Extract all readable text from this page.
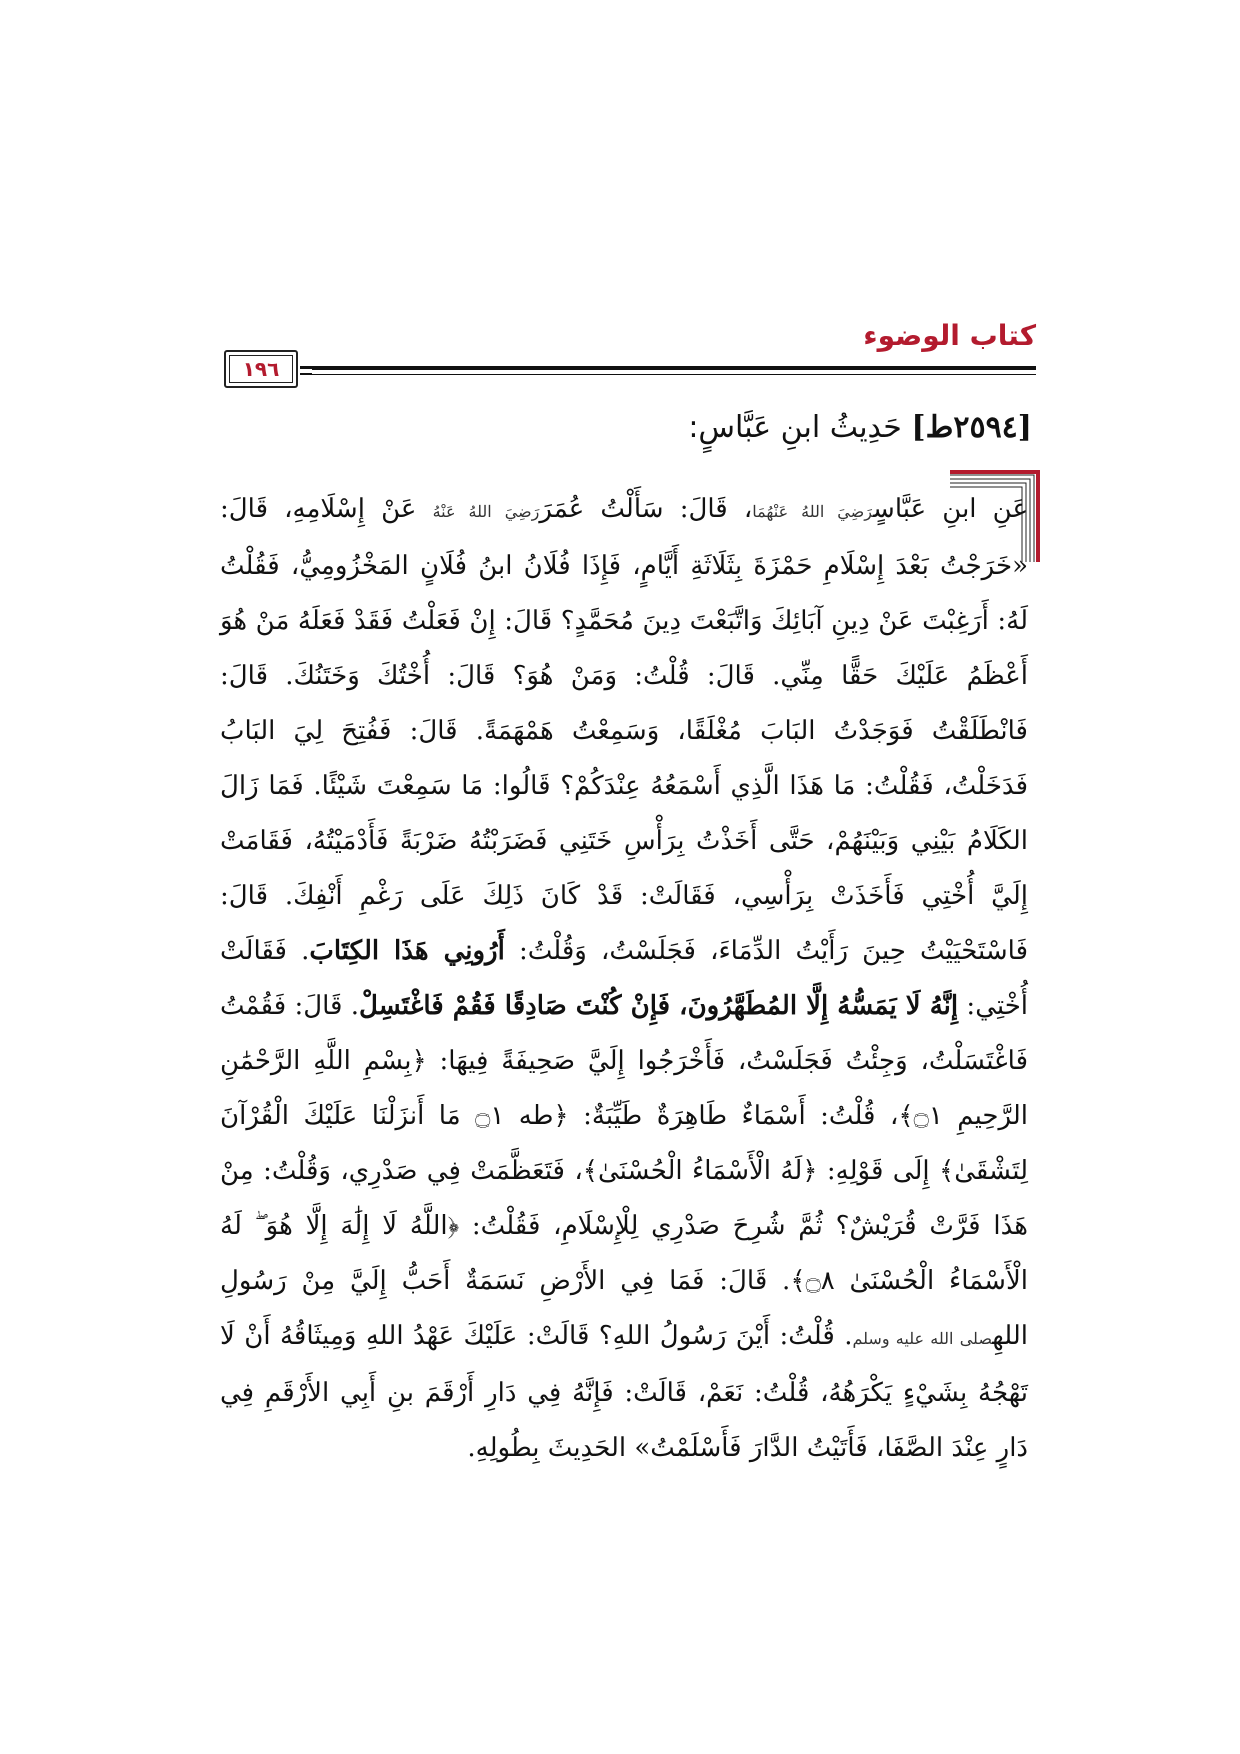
كتاب الوضوء
١٩٦
[٢٥٩٤ط] حَدِيثُ ابنِ عَبَّاسٍ:

عَنِ ابنِ عَبَّاسٍرَضِيَ اللهُ عَنْهُمَا، قَالَ: سَأَلْتُ عُمَرَرَضِيَ اللهُ عَنْهُ عَنْ إِسْلَامِهِ، قَالَ: «خَرَجْتُ بَعْدَ إِسْلَامِ حَمْزَةَ بِثَلَاثَةِ أَيَّامٍ، فَإِذَا فُلَانُ ابنُ فُلَانٍ المَخْزُومِيُّ، فَقُلْتُ لَهُ: أَرَغِبْتَ عَنْ دِينِ آبَائِكَ وَاتَّبَعْتَ دِينَ مُحَمَّدٍ؟ قَالَ: إِنْ فَعَلْتُ فَقَدْ فَعَلَهُ مَنْ هُوَ أَعْظَمُ عَلَيْكَ حَقًّا مِنِّي. قَالَ: قُلْتُ: وَمَنْ هُوَ؟ قَالَ: أُخْتُكَ وَخَتَنُكَ. قَالَ: فَانْطَلَقْتُ فَوَجَدْتُ البَابَ مُغْلَقًا، وَسَمِعْتُ هَمْهَمَةً. قَالَ: فَفُتِحَ لِيَ البَابُ فَدَخَلْتُ، فَقُلْتُ: مَا هَذَا الَّذِي أَسْمَعُهُ عِنْدَكُمْ؟ قَالُوا: مَا سَمِعْتَ شَيْئًا. فَمَا زَالَ الكَلَامُ بَيْنِي وَبَيْنَهُمْ، حَتَّى أَخَذْتُ بِرَأْسِ خَتَنِي فَضَرَبْتُهُ ضَرْبَةً فَأَدْمَيْتُهُ، فَقَامَتْ إِلَيَّ أُخْتِي فَأَخَذَتْ بِرَأْسِي، فَقَالَتْ: قَدْ كَانَ ذَلِكَ عَلَى رَغْمِ أَنْفِكَ. قَالَ: فَاسْتَحْيَيْتُ حِينَ رَأَيْتُ الدِّمَاءَ، فَجَلَسْتُ، وَقُلْتُ: أَرُونِي هَذَا الكِتَابَ. فَقَالَتْ أُخْتِي: إِنَّهُ لَا يَمَسُّهُ إِلَّا المُطَهَّرُونَ، فَإِنْ كُنْتَ صَادِقًا فَقُمْ فَاغْتَسِلْ. قَالَ: فَقُمْتُ فَاغْتَسَلْتُ، وَجِئْتُ فَجَلَسْتُ، فَأَخْرَجُوا إِلَيَّ صَحِيفَةً فِيهَا: ﴿بِسْمِ اللَّهِ الرَّحْمَٰنِ الرَّحِيمِ ۝١﴾، قُلْتُ: أَسْمَاءٌ طَاهِرَةٌ طَيِّبَةٌ: ﴿طه ۝١ مَا أَنزَلْنَا عَلَيْكَ الْقُرْآنَ لِتَشْقَىٰ﴾ إِلَى قَوْلِهِ: ﴿لَهُ الْأَسْمَاءُ الْحُسْنَىٰ﴾، فَتَعَظَّمَتْ فِي صَدْرِي، وَقُلْتُ: مِنْ هَذَا فَرَّتْ قُرَيْشٌ؟ ثُمَّ شُرِحَ صَدْرِي لِلْإِسْلَامِ، فَقُلْتُ: ﴿اللَّهُ لَا إِلَٰهَ إِلَّا هُوَ ۖ لَهُ الْأَسْمَاءُ الْحُسْنَىٰ ۝٨﴾. قَالَ: فَمَا فِي الأَرْضِ نَسَمَةٌ أَحَبُّ إِلَيَّ مِنْ رَسُولِ اللهِصلى الله عليه وسلم. قُلْتُ: أَيْنَ رَسُولُ اللهِ؟ قَالَتْ: عَلَيْكَ عَهْدُ اللهِ وَمِيثَاقُهُ أَنْ لَا تَهْجُهُ بِشَيْءٍ يَكْرَهُهُ، قُلْتُ: نَعَمْ، قَالَتْ: فَإِنَّهُ فِي دَارِ أَرْقَمَ بنِ أَبِي الأَرْقَمِ فِي دَارٍ عِنْدَ الصَّفَا، فَأَتَيْتُ الدَّارَ فَأَسْلَمْتُ» الحَدِيثَ بِطُولِهِ.
